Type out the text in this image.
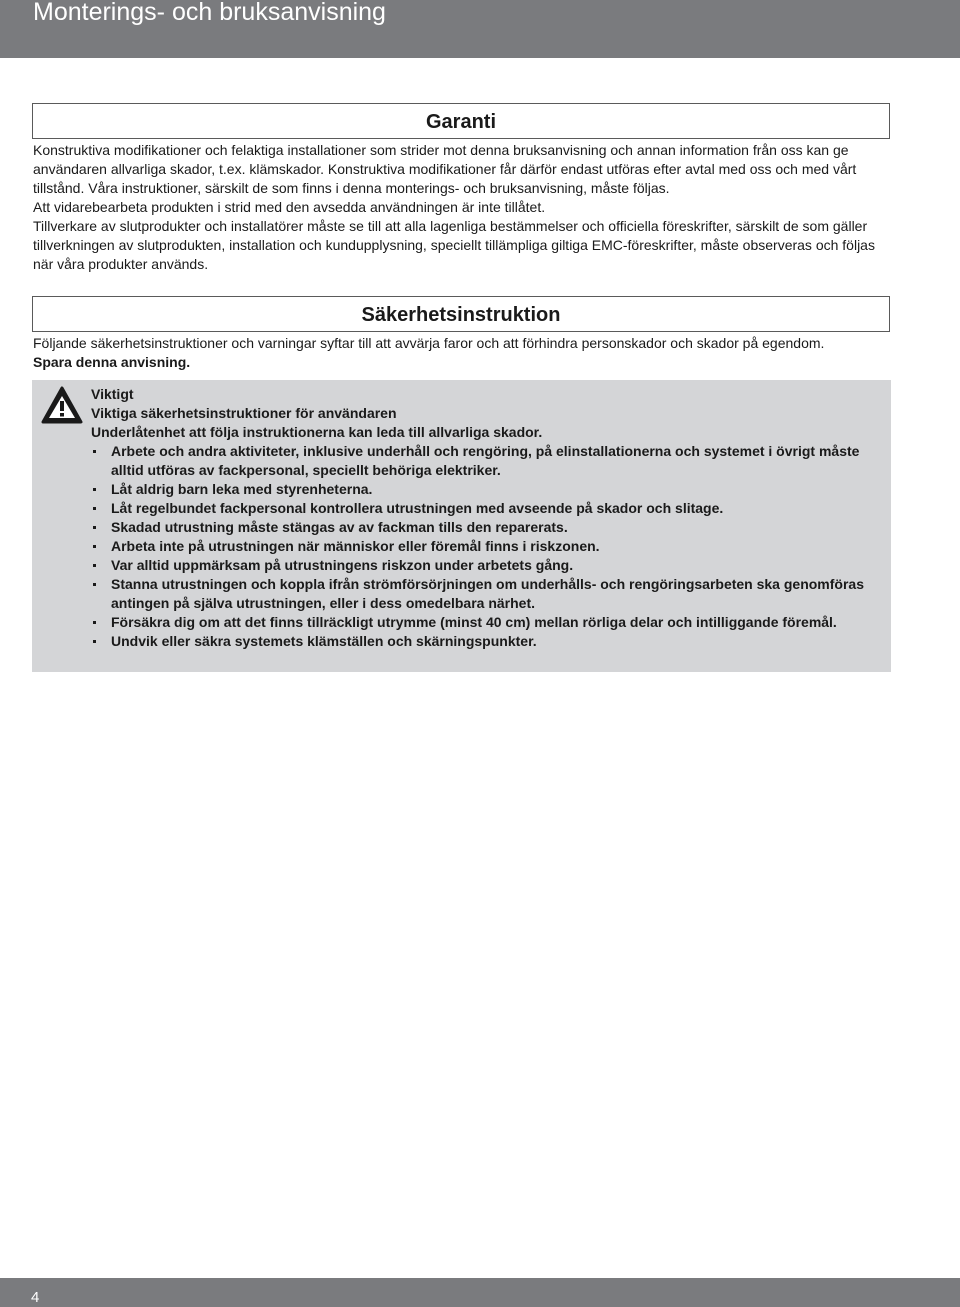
Monterings- och bruksanvisning
Garanti

Konstruktiva modifikationer och felaktiga installationer som strider mot denna bruksanvisning och annan information från oss kan ge användaren allvarliga skador, t.ex. klämskador. Konstruktiva modifikationer får därför endast utföras efter avtal med oss och med vårt tillstånd. Våra instruktioner, särskilt de som finns i denna monterings- och bruksanvisning, måste följas.

Att vidarebearbeta produkten i strid med den avsedda användningen är inte tillåtet.

Tillverkare av slutprodukter och installatörer måste se till att alla lagenliga bestämmelser och officiella föreskrifter, särskilt de som gäller tillverkningen av slutprodukten, installation och kundupplysning, speciellt tillämpliga giltiga EMC-föreskrifter, måste observeras och följas när våra produkter används.

Säkerhetsinstruktion

Följande säkerhetsinstruktioner och varningar syftar till att avvärja faror och att förhindra personskador och skador på egendom.

Spara denna anvisning.

Viktigt
Viktiga säkerhetsinstruktioner för användaren
Underlåtenhet att följa instruktionerna kan leda till allvarliga skador.
Arbete och andra aktiviteter, inklusive underhåll och rengöring, på elinstallationerna och systemet i övrigt måste alltid utföras av fackpersonal, speciellt behöriga elektriker.
Låt aldrig barn leka med styrenheterna.
Låt regelbundet fackpersonal kontrollera utrustningen med avseende på skador och slitage.
Skadad utrustning måste stängas av av fackman tills den reparerats.
Arbeta inte på utrustningen när människor eller föremål finns i riskzonen.
Var alltid uppmärksam på utrustningens riskzon under arbetets gång.
Stanna utrustningen och koppla ifrån strömförsörjningen om underhålls- och rengöringsarbeten ska genomföras antingen på själva utrustningen, eller i dess omedelbara närhet.
Försäkra dig om att det finns tillräckligt utrymme (minst 40 cm) mellan rörliga delar och intilliggande föremål.
Undvik eller säkra systemets klämställen och skärningspunkter.
4
